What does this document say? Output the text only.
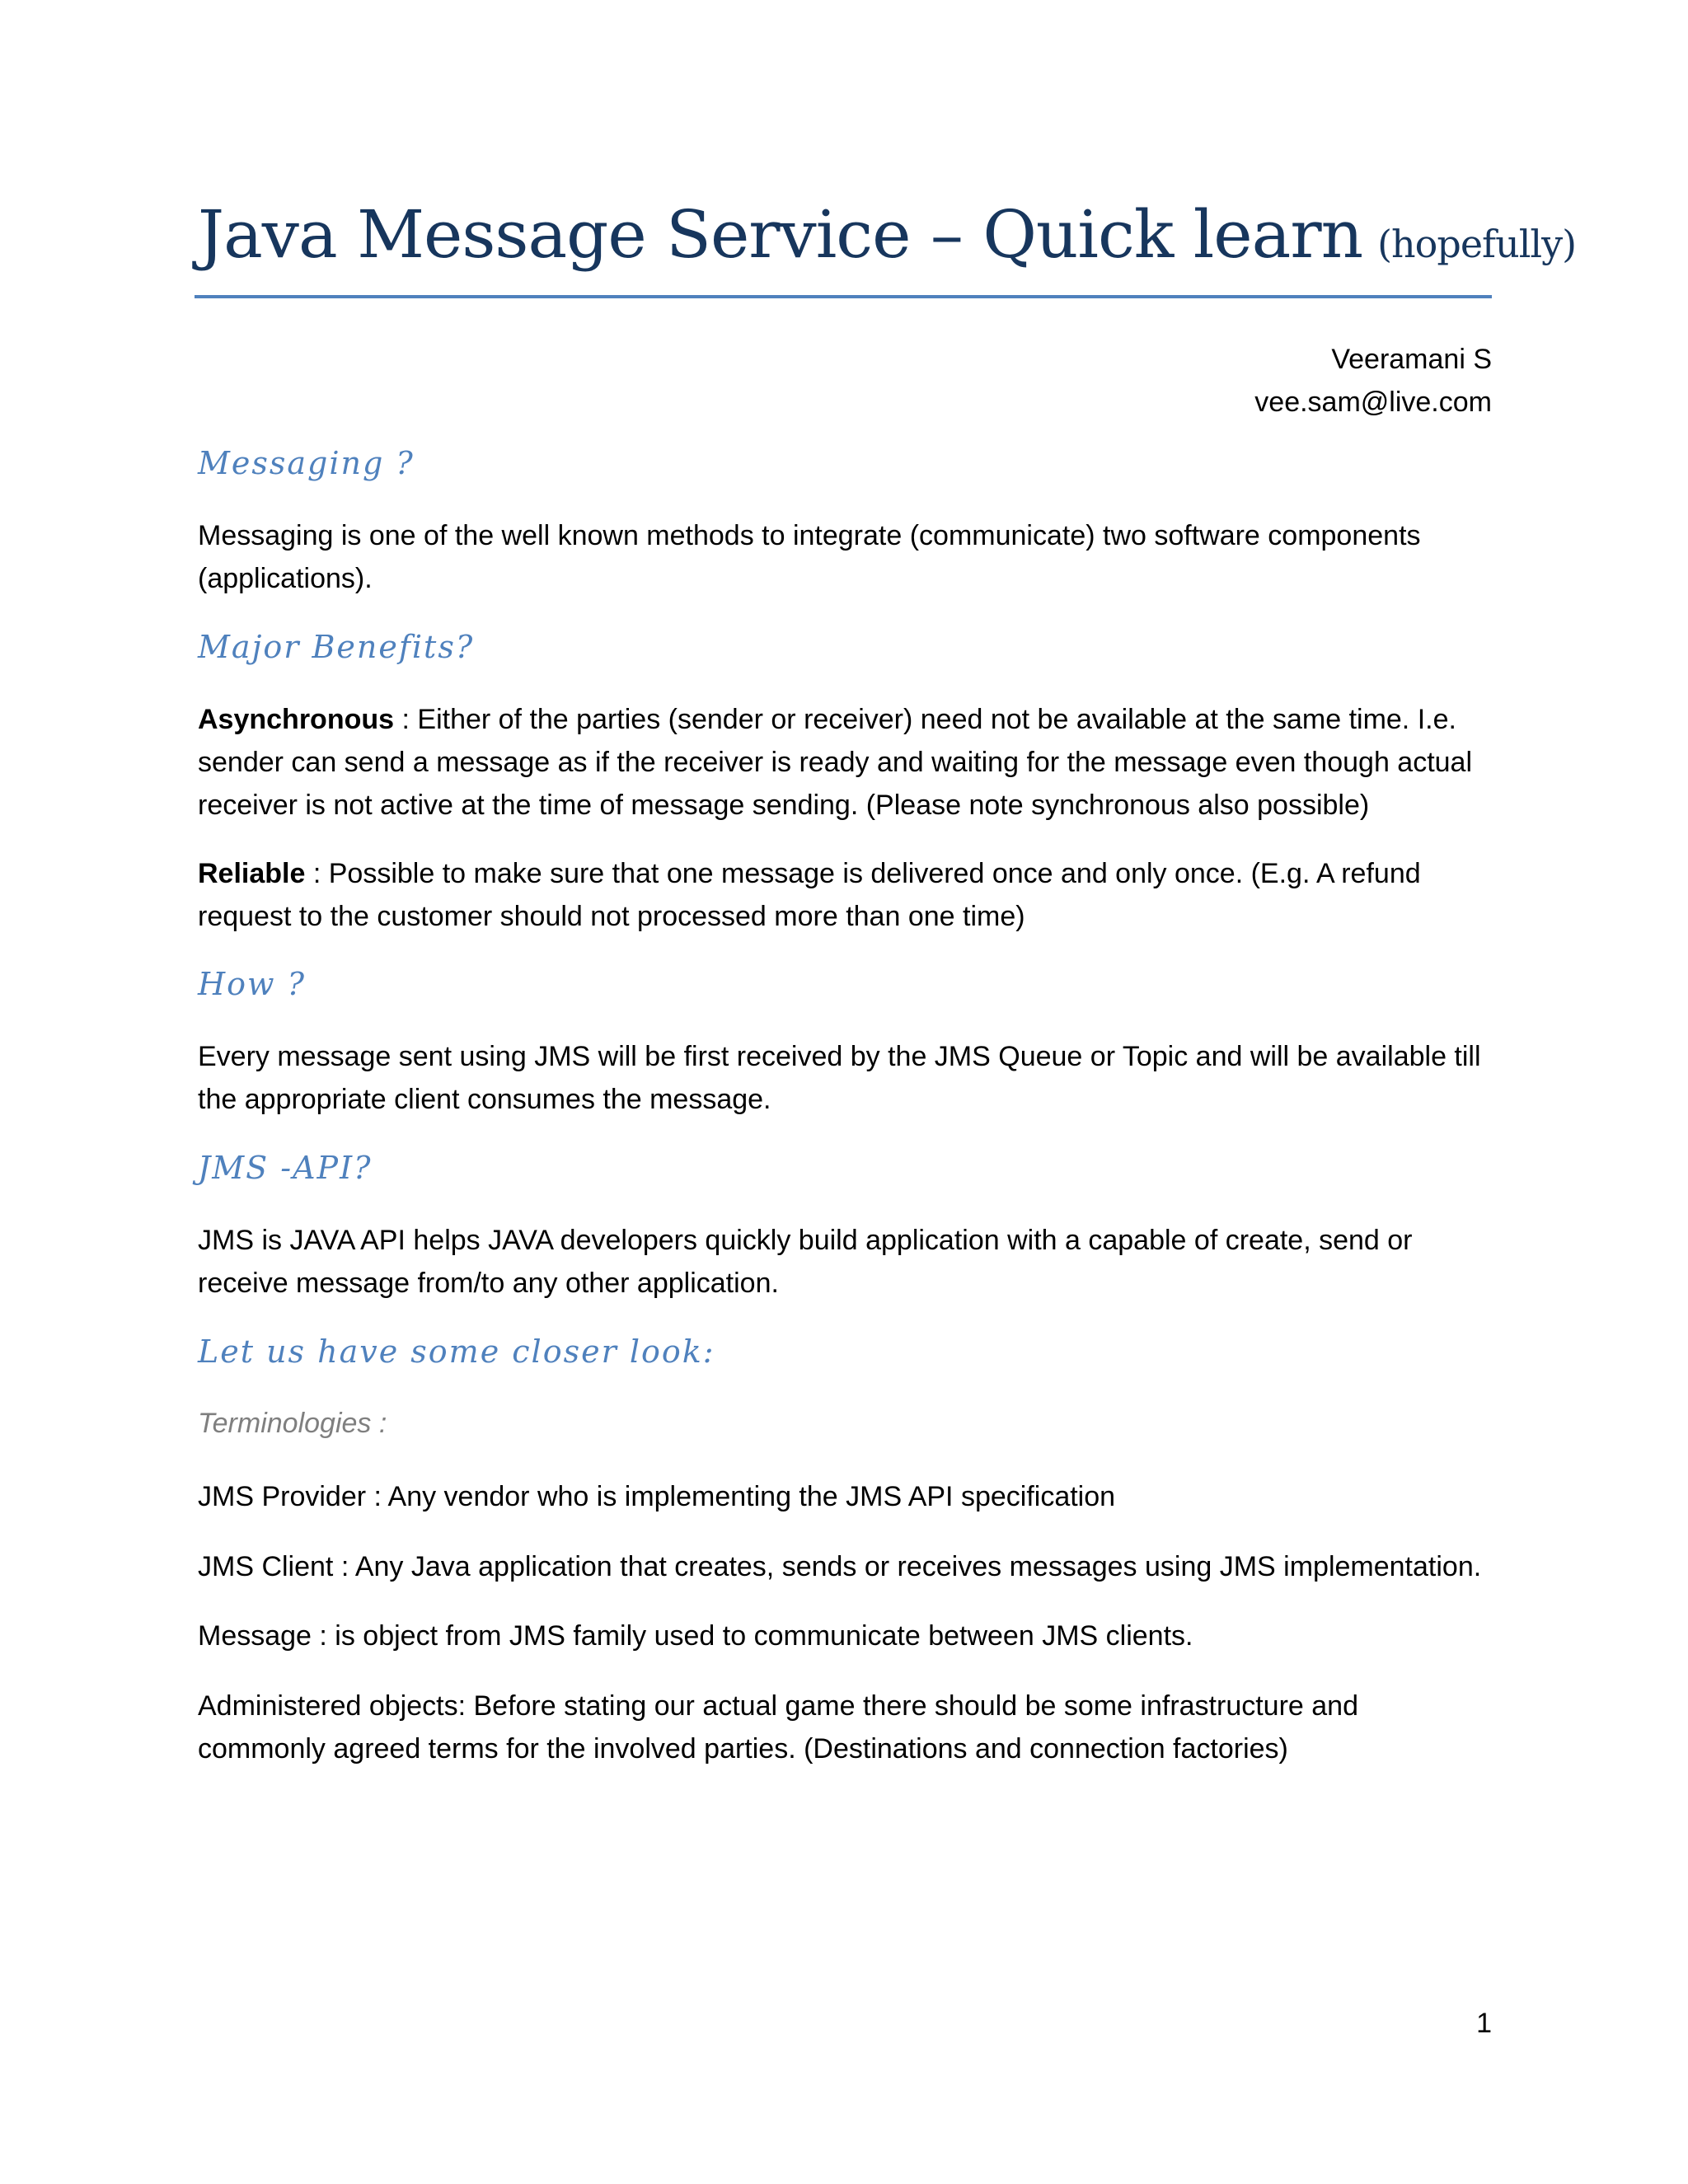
Java Message Service – Quick learn (hopefully)
Veeramani S
vee.sam@live.com
Messaging ?
Messaging is one of the well known methods to integrate (communicate) two software components (applications).
Major Benefits?
Asynchronous : Either of the parties (sender or receiver) need not be available at the same time. I.e. sender can send a message as if the receiver is ready and waiting for the message even though actual receiver is not active at the time of message sending. (Please note synchronous also possible)
Reliable : Possible to make sure that one message is delivered once and only once. (E.g. A refund request to the customer should not processed more than one time)
How ?
Every message sent using JMS will be first received by the JMS Queue or Topic and will be available till the appropriate client consumes the message.
JMS -API?
JMS is JAVA API helps JAVA developers quickly build application with a capable of create, send or receive message from/to any other application.
Let us have some closer look:
Terminologies :
JMS Provider : Any vendor who is implementing the JMS API specification
JMS Client : Any Java application that creates, sends or receives messages using JMS implementation.
Message : is object from JMS family used to communicate between JMS clients.
Administered objects: Before stating our actual game there should be some infrastructure and commonly agreed terms for the involved parties. (Destinations and connection factories)
1
